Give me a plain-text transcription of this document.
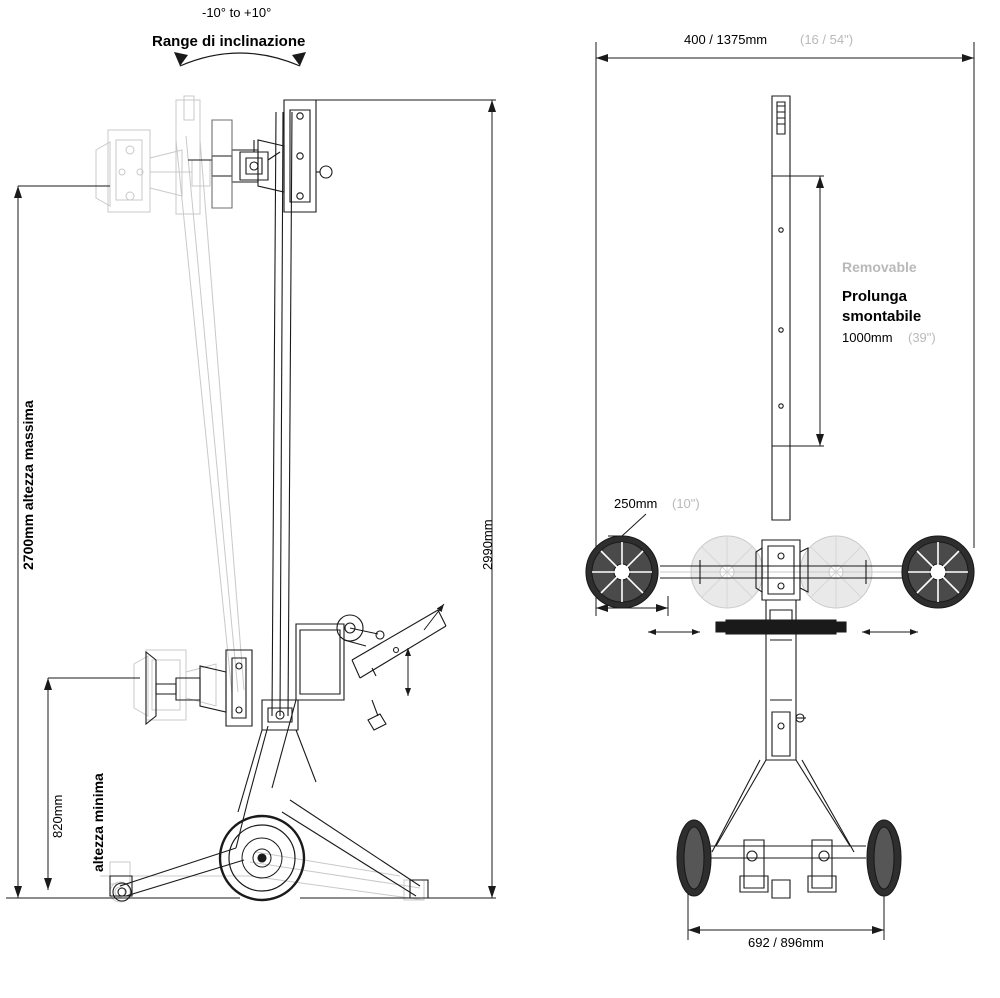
-10° to +10°
Range di inclinazione
2700mm altezza massima
820mm altezza minima
2990mm
400 / 1375mm	(16 / 54")
Removable
Prolunga
smontabile
1000mm (39")
250mm (10")
692 / 896mm
